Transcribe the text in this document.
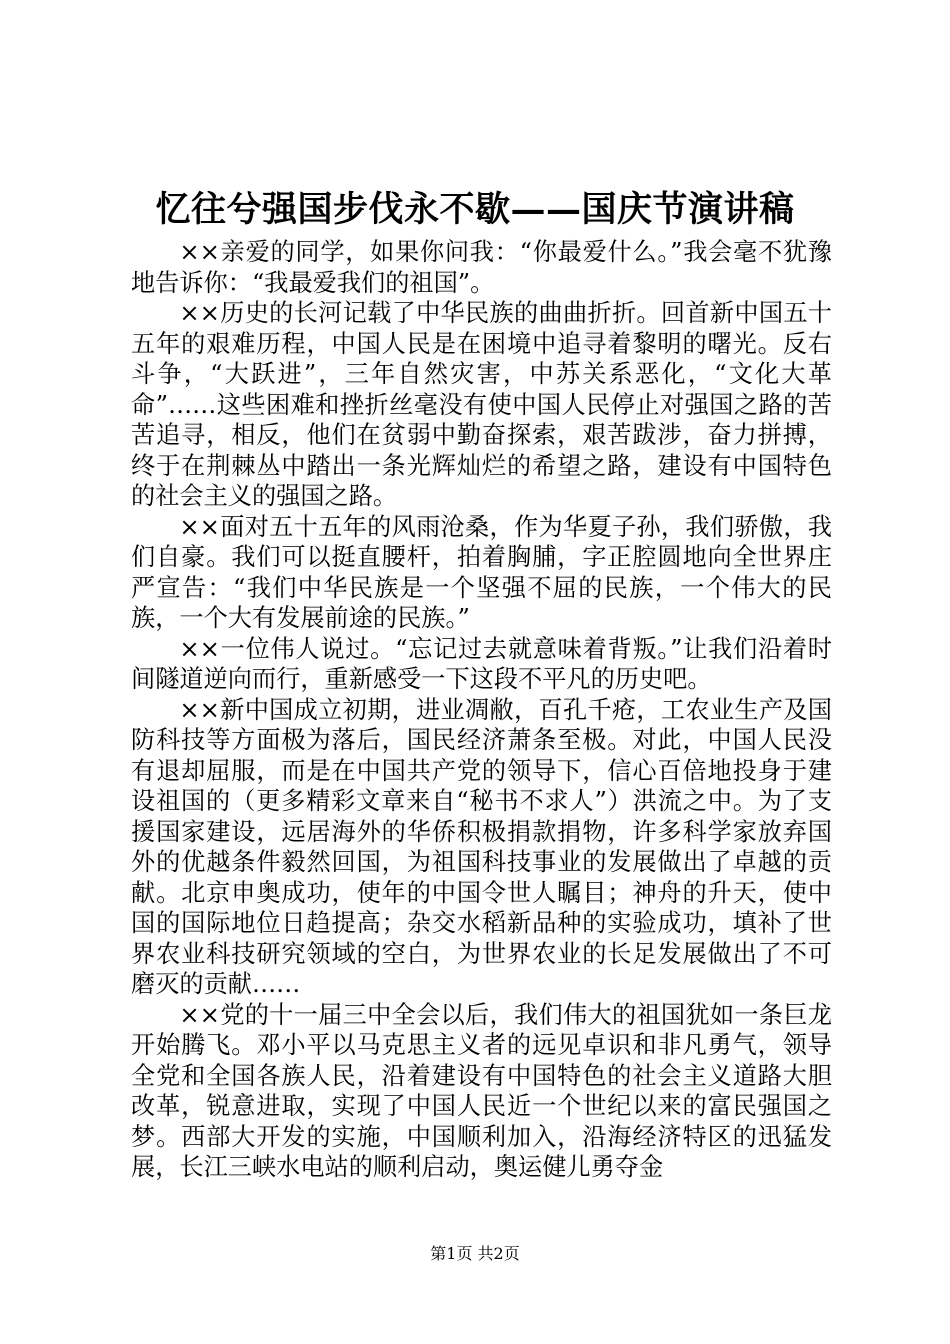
忆往兮强国步伐永不歇——国庆节演讲稿

××亲爱的同学，如果你问我：“你最爱什么。”我会毫不犹豫地告诉你：“我最爱我们的祖国”。

××历史的长河记载了中华民族的曲曲折折。回首新中国五十五年的艰难历程，中国人民是在困境中追寻着黎明的曙光。反右斗争，“大跃进”，三年自然灾害，中苏关系恶化，“文化大革命”……这些困难和挫折丝毫没有使中国人民停止对强国之路的苦苦追寻，相反，他们在贫弱中勤奋探索，艰苦跋涉，奋力拼搏，终于在荆棘丛中踏出一条光辉灿烂的希望之路，建设有中国特色的社会主义的强国之路。

××面对五十五年的风雨沧桑，作为华夏子孙，我们骄傲，我们自豪。我们可以挺直腰杆，拍着胸脯，字正腔圆地向全世界庄严宣告：“我们中华民族是一个坚强不屈的民族，一个伟大的民族，一个大有发展前途的民族。”

××一位伟人说过。“忘记过去就意味着背叛。”让我们沿着时间隧道逆向而行，重新感受一下这段不平凡的历史吧。

××新中国成立初期，进业凋敝，百孔千疮，工农业生产及国防科技等方面极为落后，国民经济萧条至极。对此，中国人民没有退却屈服，而是在中国共产党的领导下，信心百倍地投身于建设祖国的（更多精彩文章来自“秘书不求人”）洪流之中。为了支援国家建设，远居海外的华侨积极捐款捐物，许多科学家放弃国外的优越条件毅然回国，为祖国科技事业的发展做出了卓越的贡献。北京申奥成功，使年的中国令世人瞩目；神舟的升天，使中国的国际地位日趋提高；杂交水稻新品种的实验成功，填补了世界农业科技研究领域的空白，为世界农业的长足发展做出了不可磨灭的贡献……

××党的十一届三中全会以后，我们伟大的祖国犹如一条巨龙开始腾飞。邓小平以马克思主义者的远见卓识和非凡勇气，领导全党和全国各族人民，沿着建设有中国特色的社会主义道路大胆改革，锐意进取，实现了中国人民近一个世纪以来的富民强国之梦。西部大开发的实施，中国顺利加入，沿海经济特区的迅猛发展，长江三峡水电站的顺利启动，奥运健儿勇夺金

第1页 共2页
